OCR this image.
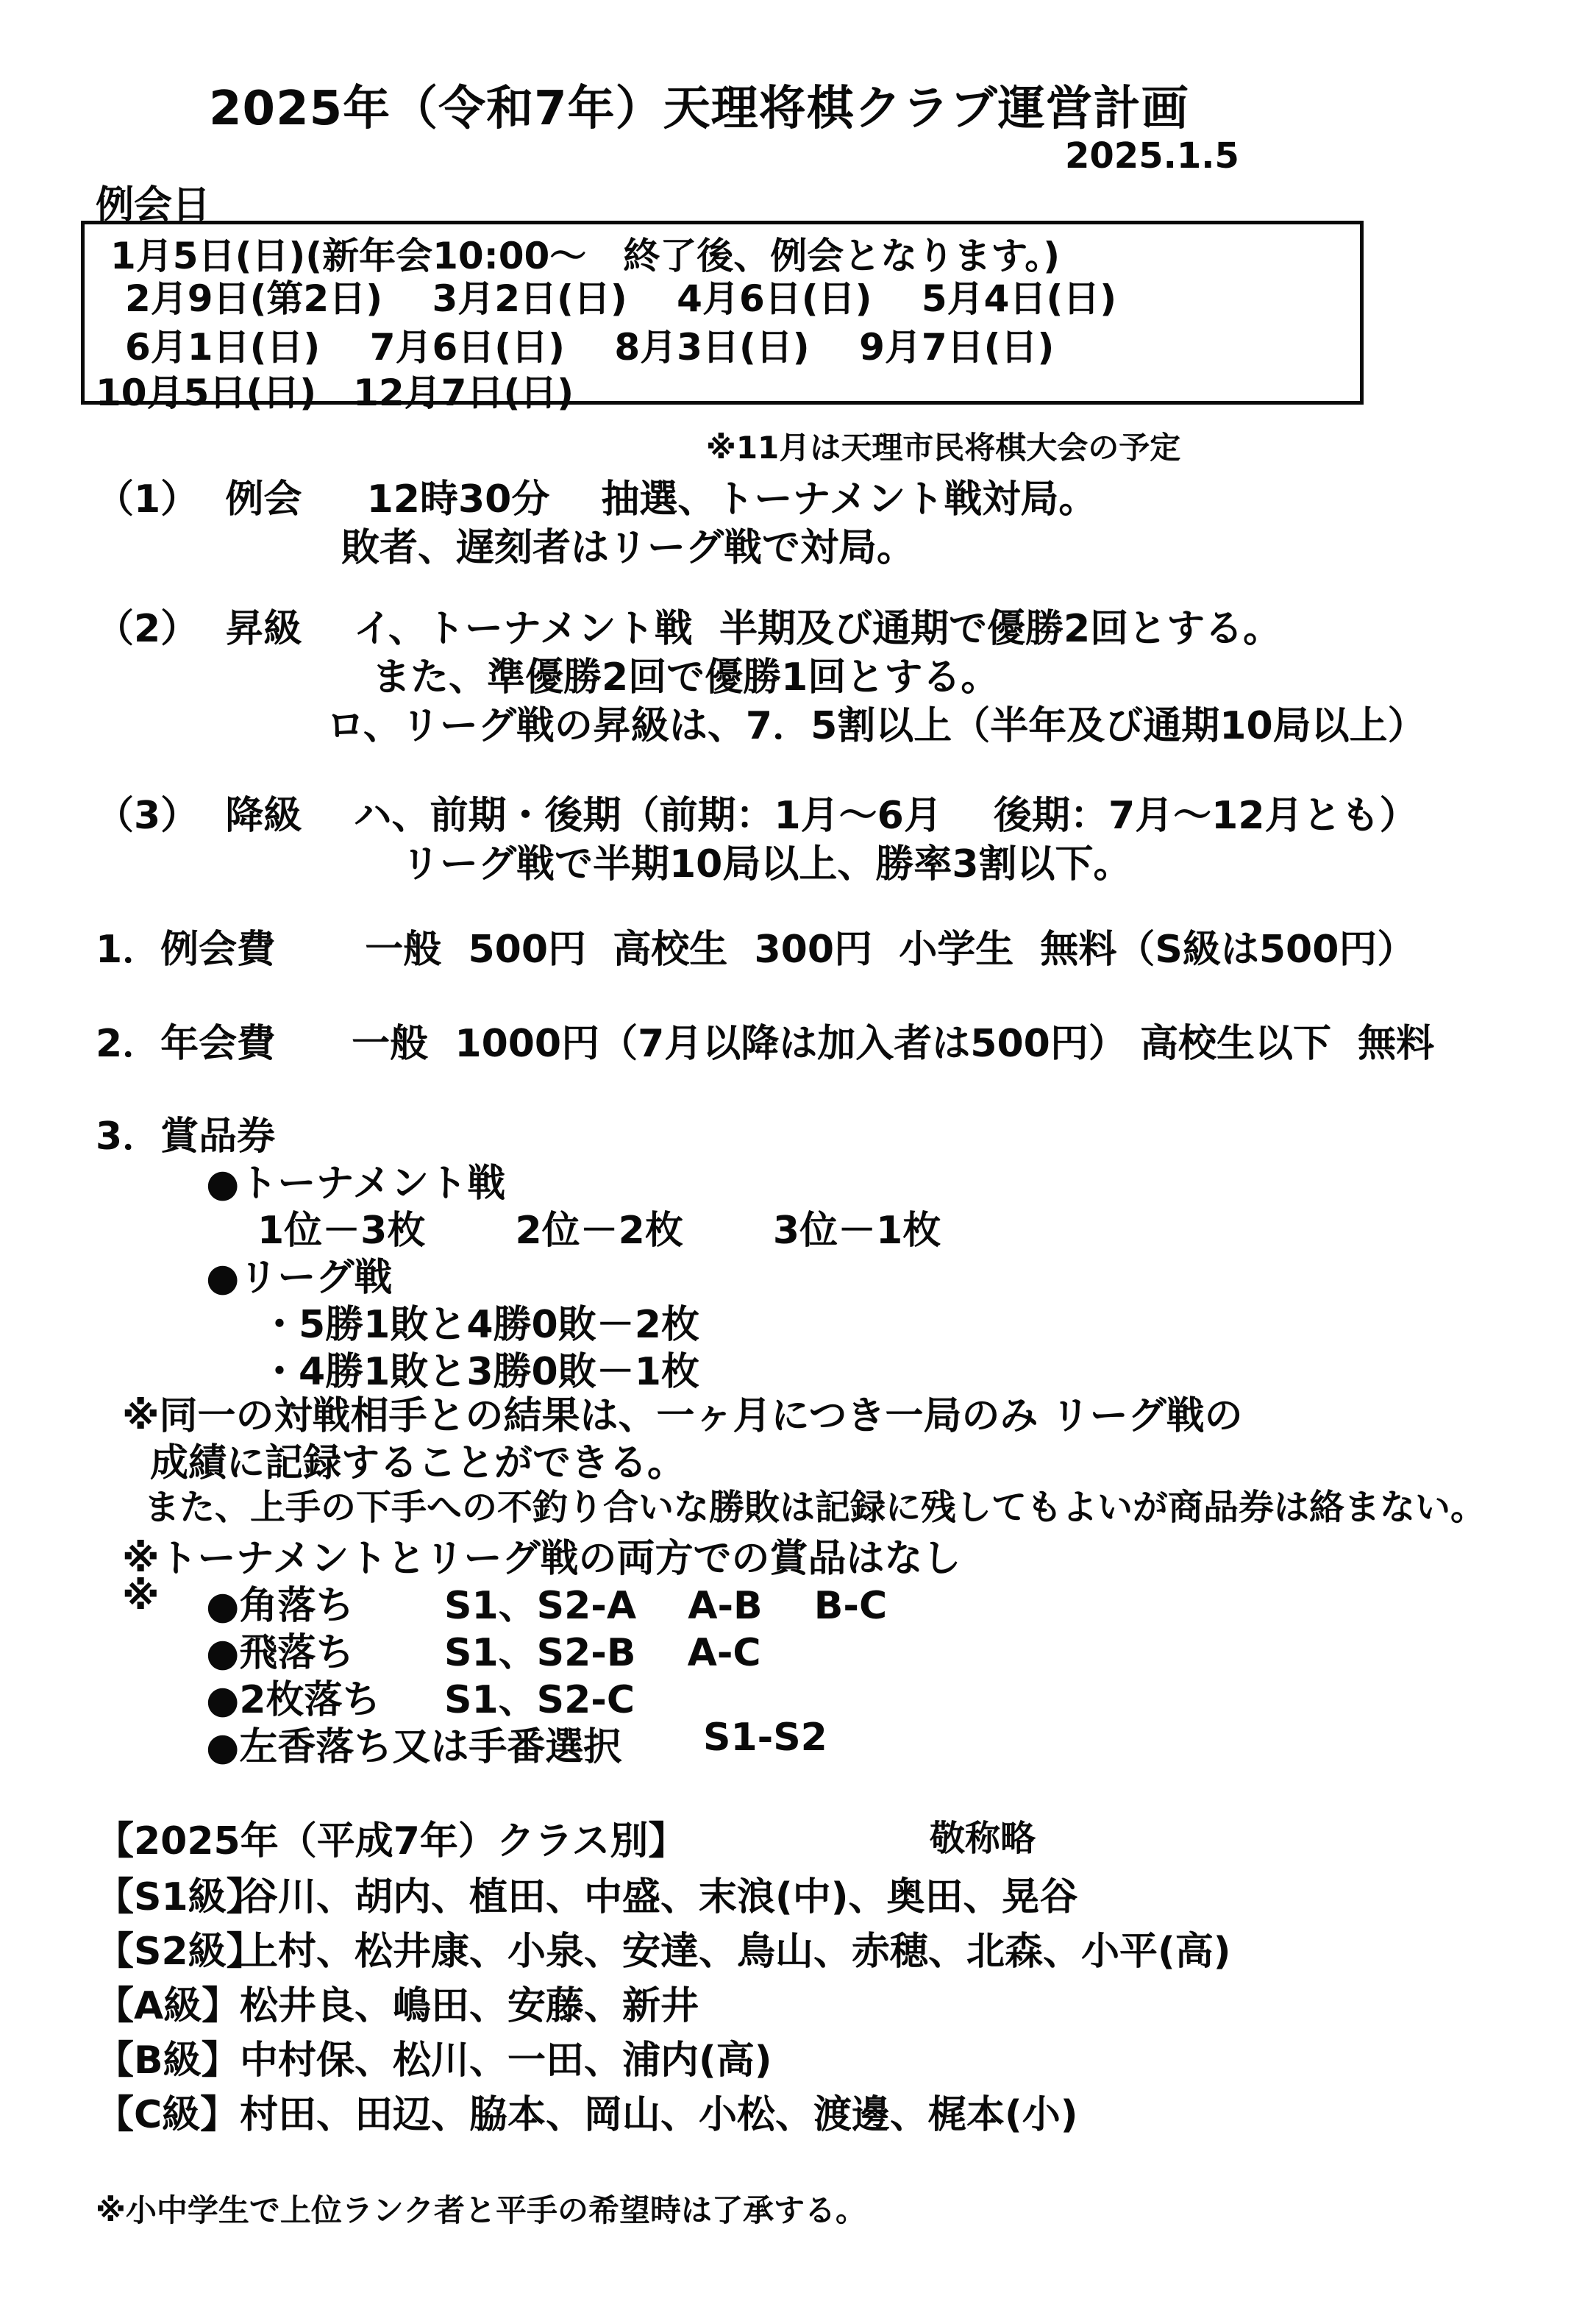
2025年（令和7年）天理将棋クラブ運営計画
2025.1.5
例会日
1月5日(日)(新年会10:00～　終了後、例会となります。)
2月9日(第2日)　 3月2日(日)　 4月6日(日)　 5月4日(日)
6月1日(日)　 7月6日(日)　 8月3日(日)　 9月7日(日)
10月5日(日)　12月7日(日)
※11月は天理市民将棋大会の予定
（1）  例会　  12時30分　 抽選、トーナメント戦対局。
敗者、遅刻者はリーグ戦で対局。
（2）  昇級　 イ、トーナメント戦  半期及び通期で優勝2回とする。
また、準優勝2回で優勝1回とする。
ロ、リーグ戦の昇級は、7．5割以上（半年及び通期10局以上）
（3）  降級　 ハ、前期・後期（前期：1月～6月　 後期：7月～12月とも）
リーグ戦で半期10局以上、勝率3割以下。
1．例会費　　 一般  500円  高校生  300円  小学生  無料（S級は500円）
2．年会費　　一般  1000円（7月以降は加入者は500円） 高校生以下  無料
3．賞品券
●トーナメント戦
1位－3枚　　 2位－2枚　　 3位－1枚
●リーグ戦
・5勝1敗と4勝0敗－2枚
・4勝1敗と3勝0敗－1枚
※同一の対戦相手との結果は、一ヶ月につき一局のみ リーグ戦の
成績に記録することができる。
また、上手の下手への不釣り合いな勝敗は記録に残してもよいが商品券は絡まない。
※トーナメントとリーグ戦の両方での賞品はなし
※ ●角落ち S1、S2-A　 A-B　 B-C
●飛落ち S1、S2-B　 A-C
●2枚落ち S1、S2-C
●左香落ち又は手番選択 S1-S2
【2025年（平成7年）クラス別】	敬称略
【S1級】
谷川、胡内、植田、中盛、末浪(中)、奥田、晃谷
【S2級】
上村、松井康、小泉、安達、鳥山、赤穂、北森、小平(高)
【A級】 松井良、嶋田、安藤、新井
【B級】 中村保、松川、一田、浦内(高)
【C級】 村田、田辺、脇本、岡山、小松、渡邊、梶本(小)
※小中学生で上位ランク者と平手の希望時は了承する。
